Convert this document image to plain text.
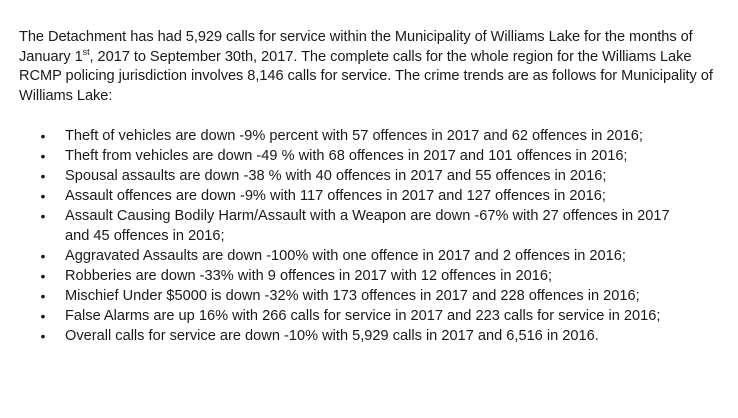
The Detachment has had 5,929 calls for service within the Municipality of Williams Lake for the months of January 1st, 2017 to September 30th, 2017. The complete calls for the whole region for the Williams Lake RCMP policing jurisdiction involves 8,146 calls for service. The crime trends are as follows for Municipality of Williams Lake:

• Theft of vehicles are down -9% percent with 57 offences in 2017 and 62 offences in 2016;
• Theft from vehicles are down -49 % with 68 offences in 2017 and 101 offences in 2016;
• Spousal assaults are down -38 % with 40 offences in 2017 and 55 offences in 2016;
• Assault offences are down -9% with 117 offences in 2017 and 127 offences in 2016;
• Assault Causing Bodily Harm/Assault with a Weapon are down -67% with 27 offences in 2017 and 45 offences in 2016;
• Aggravated Assaults are down -100% with one offence in 2017 and 2 offences in 2016;
• Robberies are down -33% with 9 offences in 2017 with 12 offences in 2016;
• Mischief Under $5000 is down -32% with 173 offences in 2017 and 228 offences in 2016;
• False Alarms are up 16% with 266 calls for service in 2017 and 223 calls for service in 2016;
• Overall calls for service are down -10% with 5,929 calls in 2017 and 6,516 in 2016.
